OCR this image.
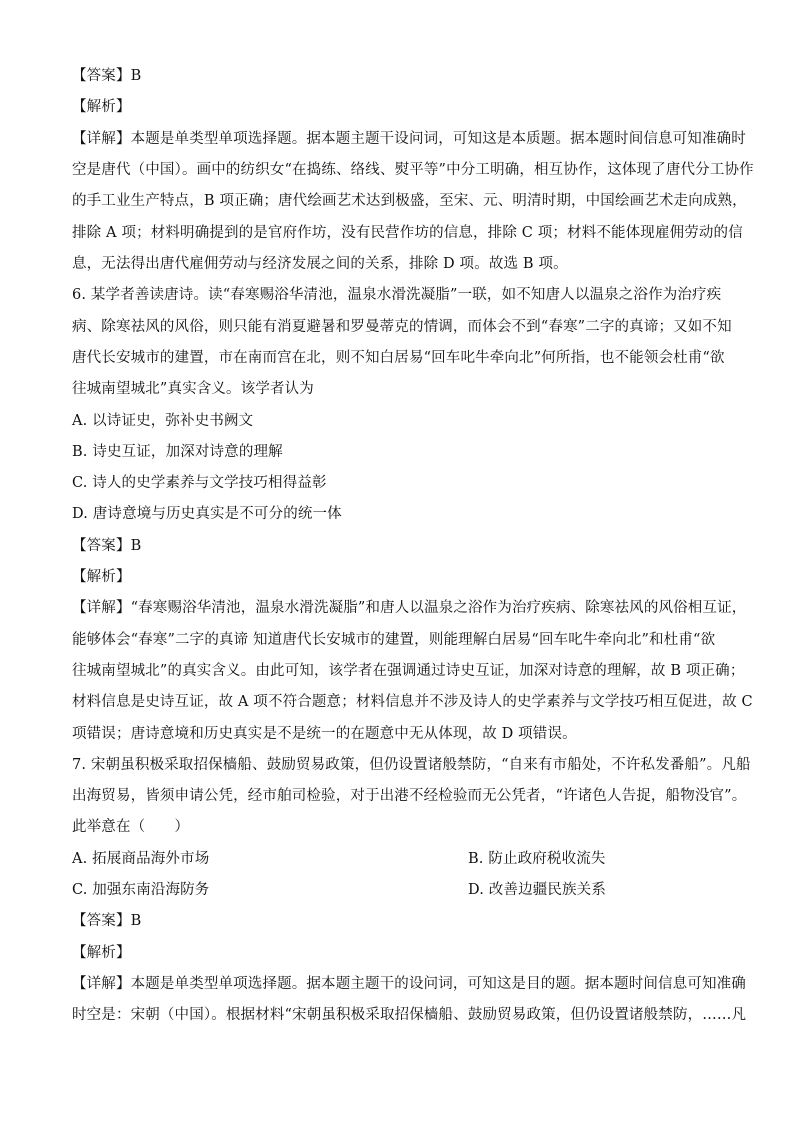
【答案】B
【解析】
【详解】本题是单类型单项选择题。据本题主题干设问词，可知这是本质题。据本题时间信息可知准确时
空是唐代（中国）。画中的纺织女“在捣练、络线、熨平等”中分工明确，相互协作，这体现了唐代分工协作
的手工业生产特点，B 项正确；唐代绘画艺术达到极盛，至宋、元、明清时期，中国绘画艺术走向成熟，
排除 A 项；材料明确提到的是官府作坊，没有民营作坊的信息，排除 C 项；材料不能体现雇佣劳动的信
息，无法得出唐代雇佣劳动与经济发展之间的关系，排除 D 项。故选 B 项。
6. 某学者善读唐诗。读“春寒赐浴华清池，温泉水滑洗凝脂”一联，如不知唐人以温泉之浴作为治疗疾
病、除寒祛风的风俗，则只能有消夏避暑和罗曼蒂克的情调，而体会不到“春寒”二字的真谛；又如不知
唐代长安城市的建置，市在南而宫在北，则不知白居易“回车叱牛牵向北”何所指，也不能领会杜甫“欲
往城南望城北”真实含义。该学者认为
A. 以诗证史，弥补史书阙文
B. 诗史互证，加深对诗意的理解
C. 诗人的史学素养与文学技巧相得益彰
D. 唐诗意境与历史真实是不可分的统一体
【答案】B
【解析】
【详解】“春寒赐浴华清池，温泉水滑洗凝脂”和唐人以温泉之浴作为治疗疾病、除寒祛风的风俗相互证，
能够体会“春寒”二字的真谛 知道唐代长安城市的建置，则能理解白居易“回车叱牛牵向北”和杜甫“欲
往城南望城北”的真实含义。由此可知，该学者在强调通过诗史互证，加深对诗意的理解，故 B 项正确；
材料信息是史诗互证，故 A 项不符合题意；材料信息并不涉及诗人的史学素养与文学技巧相互促进，故 C
项错误；唐诗意境和历史真实是不是统一的在题意中无从体现，故 D 项错误。
7. 宋朝虽积极采取招保樯船、鼓励贸易政策，但仍设置诸般禁防，“自来有市船处，不许私发番船”。凡船
出海贸易，皆须申请公凭，经市舶司检验，对于出港不经检验而无公凭者，“许诸色人告捉，船物没官”。
此举意在（　　）
A. 拓展商品海外市场	B. 防止政府税收流失
C. 加强东南沿海防务	D. 改善边疆民族关系
【答案】B
【解析】
【详解】本题是单类型单项选择题。据本题主题干的设问词，可知这是目的题。据本题时间信息可知准确
时空是：宋朝（中国）。根据材料“宋朝虽积极采取招保樯船、鼓励贸易政策，但仍设置诸般禁防，……凡
